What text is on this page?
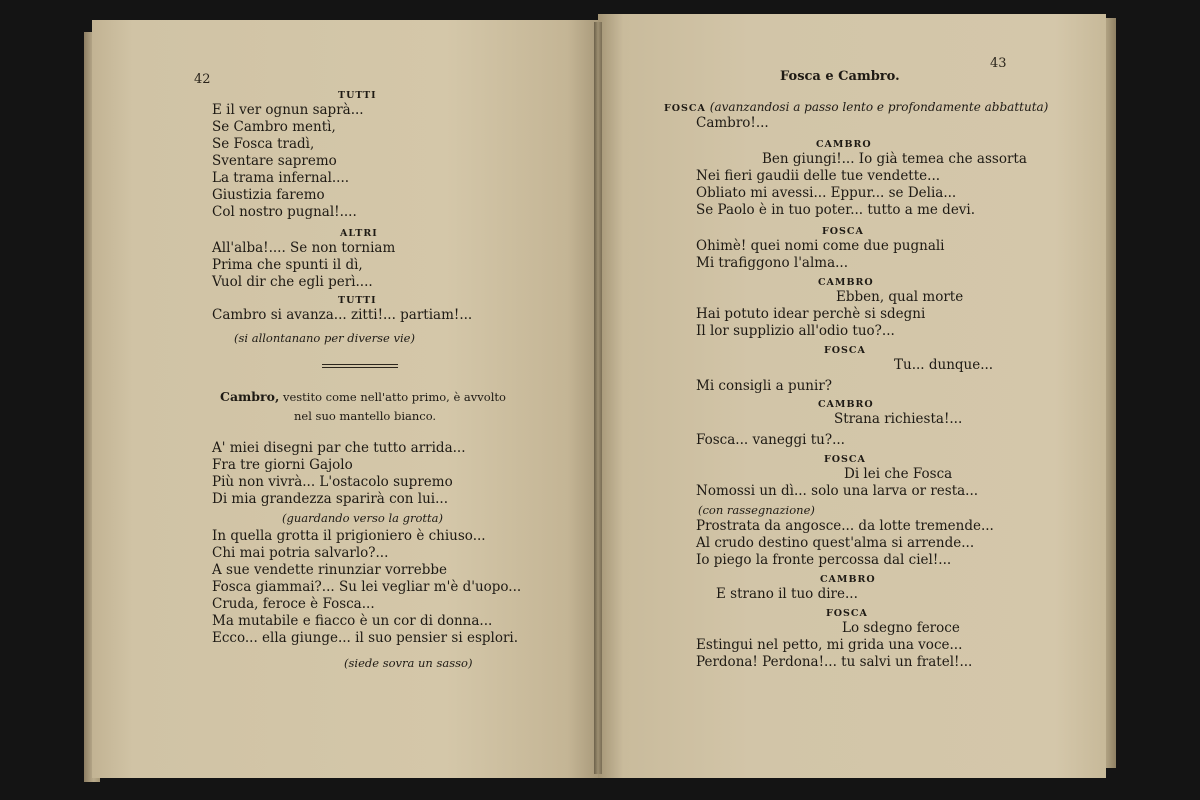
42
TUTTI
E il ver ognun saprà...
Se Cambro mentì,
Se Fosca tradì,
Sventare sapremo
La trama infernal....
Giustizia faremo
Col nostro pugnal!....
ALTRI
All'alba!.... Se non torniam
Prima che spunti il dì,
Vuol dir che egli perì....
TUTTI
Cambro si avanza... zitti!... partiam!...
(si allontanano per diverse vie)
Cambro, vestito come nell'atto primo, è avvolto
nel suo mantello bianco.
A' miei disegni par che tutto arrida...
Fra tre giorni Gajolo
Più non vivrà... L'ostacolo supremo
Di mia grandezza sparirà con lui...
(guardando verso la grotta)
In quella grotta il prigioniero è chiuso...
Chi mai potria salvarlo?...
A sue vendette rinunziar vorrebbe
Fosca giammai?... Su lei vegliar m'è d'uopo...
Cruda, feroce è Fosca...
Ma mutabile e fiacco è un cor di donna...
Ecco... ella giunge... il suo pensier si esplori.
(siede sovra un sasso)
43
Fosca e Cambro.
FOSCA (avanzandosi a passo lento e profondamente abbattuta)
Cambro!...
CAMBRO
Ben giungi!... Io già temea che assorta
Nei fieri gaudii delle tue vendette...
Obliato mi avessi... Eppur... se Delia...
Se Paolo è in tuo poter... tutto a me devi.
FOSCA
Ohimè! quei nomi come due pugnali
Mi trafiggono l'alma...
CAMBRO
Ebben, qual morte
Hai potuto idear perchè si sdegni
Il lor supplizio all'odio tuo?...
FOSCA
Tu... dunque...
Mi consigli a punir?
CAMBRO
Strana richiesta!...
Fosca... vaneggi tu?...
FOSCA
Di lei che Fosca
Nomossi un dì... solo una larva or resta...
(con rassegnazione)
Prostrata da angosce... da lotte tremende...
Al crudo destino quest'alma si arrende...
Io piego la fronte percossa dal ciel!...
CAMBRO
E strano il tuo dire...
FOSCA
Lo sdegno feroce
Estingui nel petto, mi grida una voce...
Perdona! Perdona!... tu salvi un fratel!...
